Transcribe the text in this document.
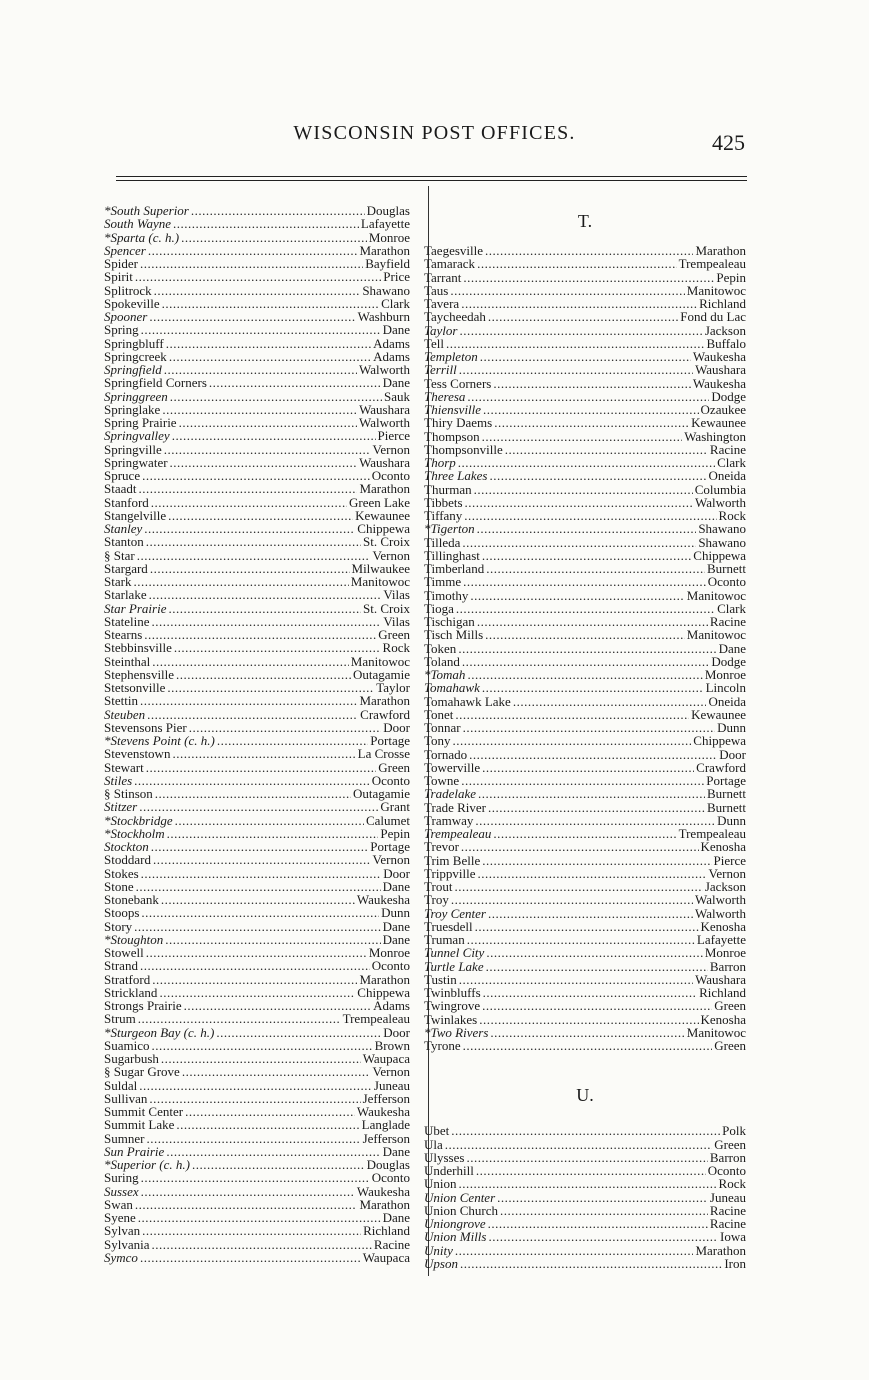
WISCONSIN POST OFFICES.	425
*South Superior .....	Douglas
South Wayne .....	Lafayette
*Sparta (c. h.) .....	Monroe
Spencer .....	Marathon
Spider .....	Bayfield
Spirit .....	Price
Splitrock .....	Shawano
Spokeville .....	Clark
Spooner .....	Washburn
Spring .....	Dane
Springbluff .....	Adams
Springcreek .....	Adams
Springfield .....	Walworth
Springfield Corners .....	Dane
Springgreen .....	Sauk
Springlake .....	Waushara
Spring Prairie .....	Walworth
Springvalley .....	Pierce
Springville .....	Vernon
Springwater .....	Waushara
Spruce .....	Oconto
Staadt .....	Marathon
Stanford .....	Green Lake
Stangelville .....	Kewaunee
Stanley .....	Chippewa
Stanton .....	St. Croix
§ Star .....	Vernon
Stargard .....	Milwaukee
Stark .....	Manitowoc
Starlake .....	Vilas
Star Prairie .....	St. Croix
Stateline .....	Vilas
Stearns .....	Green
Stebbinsville .....	Rock
Steinthal .....	Manitowoc
Stephensville .....	Outagamie
Stetsonville .....	Taylor
Stettin .....	Marathon
Steuben .....	Crawford
Stevensons Pier .....	Door
*Stevens Point (c. h.) .....	Portage
Stevenstown .....	La Crosse
Stewart .....	Green
Stiles .....	Oconto
§ Stinson .....	Outagamie
Stitzer .....	Grant
*Stockbridge .....	Calumet
*Stockholm .....	Pepin
Stockton .....	Portage
Stoddard .....	Vernon
Stokes .....	Door
Stone .....	Dane
Stonebank .....	Waukesha
Stoops .....	Dunn
Story .....	Dane
*Stoughton .....	Dane
Stowell .....	Monroe
Strand .....	Oconto
Stratford .....	Marathon
Strickland .....	Chippewa
Strongs Prairie .....	Adams
Strum .....	Trempealeau
*Sturgeon Bay (c. h.) .....	Door
Suamico .....	Brown
Sugarbush .....	Waupaca
§ Sugar Grove .....	Vernon
Suldal .....	Juneau
Sullivan .....	Jefferson
Summit Center .....	Waukesha
Summit Lake .....	Langlade
Sumner .....	Jefferson
Sun Prairie .....	Dane
*Superior (c. h.) .....	Douglas
Suring .....	Oconto
Sussex .....	Waukesha
Swan .....	Marathon
Syene .....	Dane
Sylvan .....	Richland
Sylvania .....	Racine
Symco .....	Waupaca
T.
Taegesville .....	Marathon
Tamarack .....	Trempealeau
Tarrant .....	Pepin
Taus .....	Manitowoc
Tavera .....	Richland
Taycheedah .....	Fond du Lac
Taylor .....	Jackson
Tell .....	Buffalo
Templeton .....	Waukesha
Terrill .....	Waushara
Tess Corners .....	Waukesha
Theresa .....	Dodge
Thiensville .....	Ozaukee
Thiry Daems .....	Kewaunee
Thompson .....	Washington
Thompsonville .....	Racine
Thorp .....	Clark
Three Lakes .....	Oneida
Thurman .....	Columbia
Tibbets .....	Walworth
Tiffany .....	Rock
*Tigerton .....	Shawano
Tilleda .....	Shawano
Tillinghast .....	Chippewa
Timberland .....	Burnett
Timme .....	Oconto
Timothy .....	Manitowoc
Tioga .....	Clark
Tischigan .....	Racine
Tisch Mills .....	Manitowoc
Token .....	Dane
Toland .....	Dodge
*Tomah .....	Monroe
Tomahawk .....	Lincoln
Tomahawk Lake .....	Oneida
Tonet .....	Kewaunee
Tonnar .....	Dunn
Tony .....	Chippewa
Tornado .....	Door
Towerville .....	Crawford
Towne .....	Portage
Tradelake .....	Burnett
Trade River .....	Burnett
Tramway .....	Dunn
Trempealeau .....	Trempealeau
Trevor .....	Kenosha
Trim Belle .....	Pierce
Trippville .....	Vernon
Trout .....	Jackson
Troy .....	Walworth
Troy Center .....	Walworth
Truesdell .....	Kenosha
Truman .....	Lafayette
Tunnel City .....	Monroe
Turtle Lake .....	Barron
Tustin .....	Waushara
Twinbluffs .....	Richland
Twingrove .....	Green
Twinlakes .....	Kenosha
*Two Rivers .....	Manitowoc
Tyrone .....	Green
U.
Ubet .....	Polk
Ula .....	Green
Ulysses .....	Barron
Underhill .....	Oconto
Union .....	Rock
Union Center .....	Juneau
Union Church .....	Racine
Uniongrove .....	Racine
Union Mills .....	Iowa
Unity .....	Marathon
Upson .....	Iron
